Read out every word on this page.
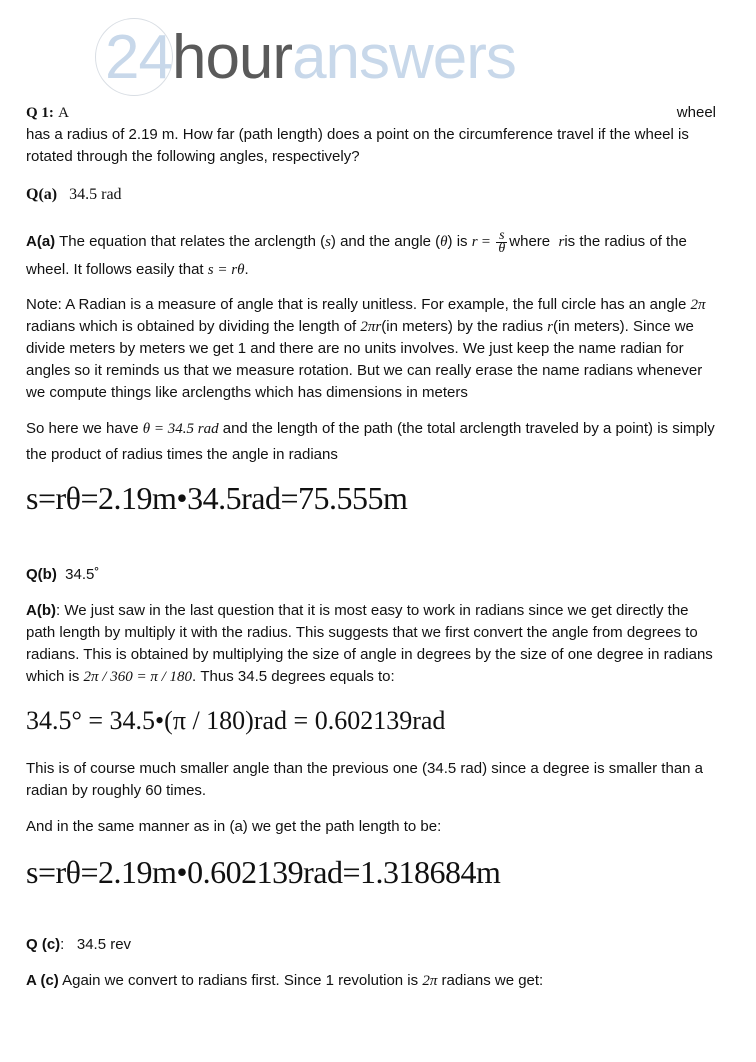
24houranswers
Q 1: A	wheel

has a radius of 2.19 m. How far (path length) does a point on the circumference travel if the wheel is rotated through the following angles, respectively?

Q(a) 34.5 rad

A(a) The equation that relates the arclength (s) and the angle (θ) is $r = \frac{s}{\theta}$ where ris the radius of the wheel. It follows easily that s = rθ.

Note: A Radian is a measure of angle that is really unitless. For example, the full circle has an angle 2π radians which is obtained by dividing the length of 2πr(in meters) by the radius r(in meters). Since we divide meters by meters we get 1 and there are no units involves. We just keep the name radian for angles so it reminds us that we measure rotation. But we can really erase the name radians whenever we compute things like arclengths which has dimensions in meters

So here we have θ = 34.5 rad and the length of the path (the total arclength traveled by a point) is simply the product of radius times the angle in radians

s=rθ=2.19m•34.5rad=75.555m

Q(b) 34.5˚

A(b): We just saw in the last question that it is most easy to work in radians since we get directly the path length by multiply it with the radius. This suggests that we first convert the angle from degrees to radians. This is obtained by multiplying the size of angle in degrees by the size of one degree in radians which is 2π / 360 = π / 180. Thus 34.5 degrees equals to:

34.5° = 34.5•(π / 180)rad = 0.602139rad

This is of course much smaller angle than the previous one (34.5 rad) since a degree is smaller than a radian by roughly 60 times.

And in the same manner as in (a) we get the path length to be:

s=rθ=2.19m•0.602139rad=1.318684m

Q (c): 34.5 rev

A (c) Again we convert to radians first. Since 1 revolution is 2π radians we get:
